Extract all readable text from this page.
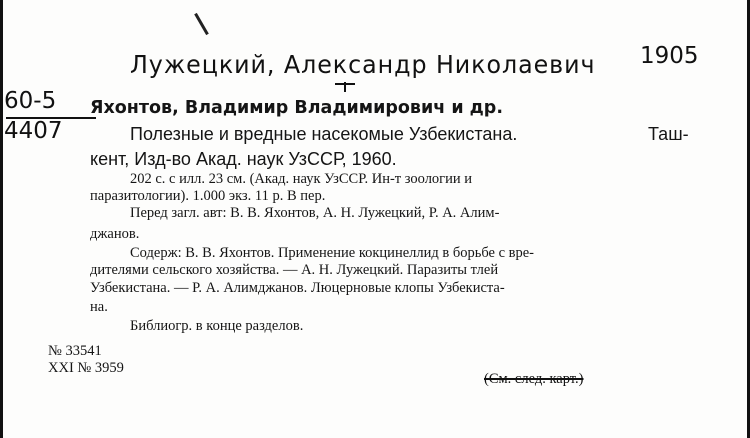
Лужецкий, Александр Николаевич 1905
60-5
4407
Яхонтов, Владимир Владимирович и др.
Полезные и вредные насекомые Узбекистана.	Таш-
кент, Изд-во Акад. наук УзССР, 1960.
202 с. с илл. 23 см. (Акад. наук УзССР. Ин-т зоологии и
паразитологии). 1.000 экз. 11 р. В пер.
Перед загл. авт: В. В. Яхонтов, А. Н. Лужецкий, Р. А. Алим-
джанов.
Содерж: В. В. Яхонтов. Применение кокцинеллид в борьбе с вре-
дителями сельского хозяйства. — А. Н. Лужецкий. Паразиты тлей
Узбекистана. — Р. А. Алимджанов. Люцерновые клопы Узбекиста-
на.
Библиогр. в конце разделов.
№ 33541
XXI № 3959
(См. след. карт.)
